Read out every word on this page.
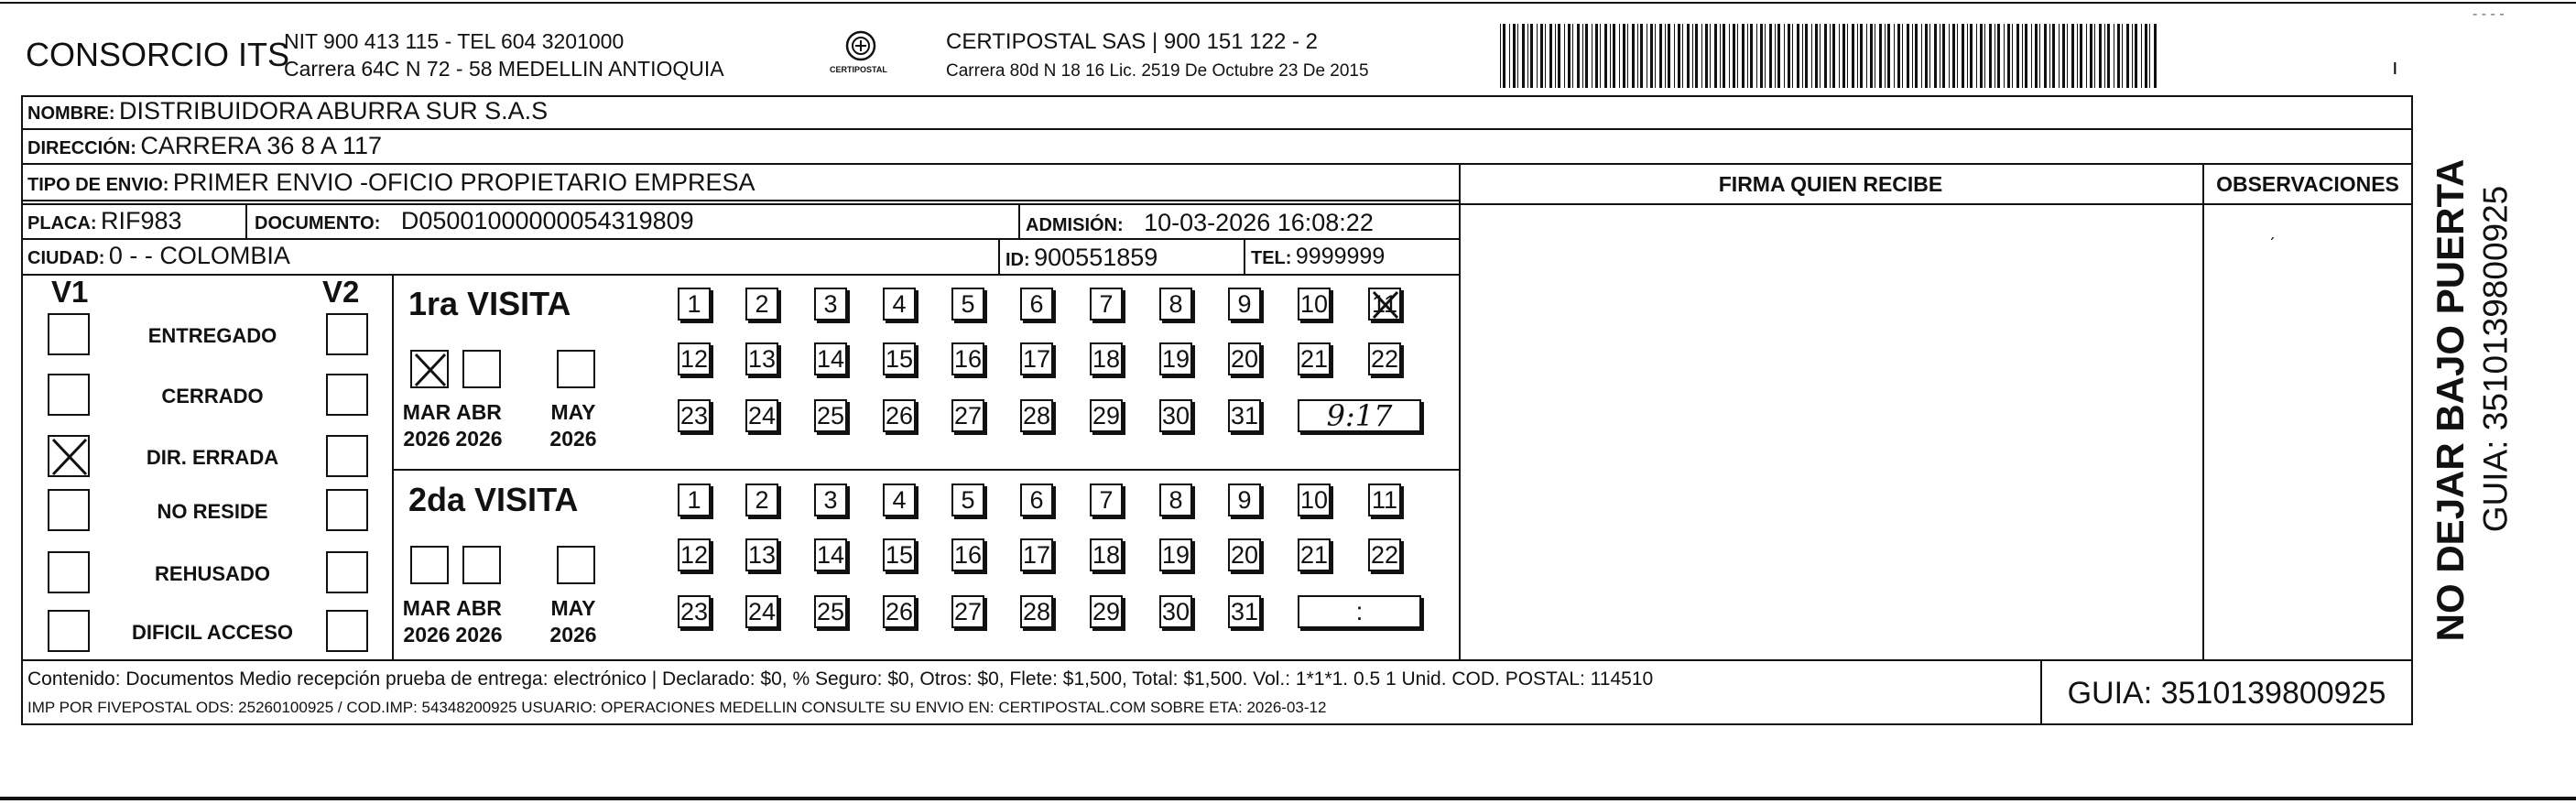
CONSORCIO ITS
NIT 900 413 115 - TEL 604 3201000
Carrera 64C N 72 - 58 MEDELLIN ANTIOQUIA	CERTIPOSTAL
CERTIPOSTAL SAS | 900 151 122 - 2
Carrera 80d N 18 16 Lic. 2519 De Octubre 23 De 2015	ı
NOMBRE: DISTRIBUIDORA ABURRA SUR S.A.S
DIRECCIÓN: CARRERA 36 8 A 117
TIPO DE ENVIO: PRIMER ENVIO -OFICIO PROPIETARIO EMPRESA
PLACA: RIF983	DOCUMENTO: D05001000000054319809	ADMISIÓN: 10-03-2026 16:08:22
CIUDAD: 0 - - COLOMBIA	ID: 900551859	TEL: 9999999
FIRMA QUIEN RECIBE	OBSERVACIONES
ˊ
V1	V2
ENTREGADO
CERRADO
DIR. ERRADA
NO RESIDE
REHUSADO
DIFICIL ACCESO
1ra VISITA
MAR
2026
ABR
2026
MAY
2026
1	2	3	4	5	6	7	8	9	10 11
12 13 14 15 16 17 18 19 20 21 22
23 24 25 26 27 28 29 30 31	9:17
2da VISITA
MAR
2026
ABR
2026
MAY
2026
1	2	3	4	5	6	7	8	9	10 11
12 13 14 15 16 17 18 19 20 21 22
23 24 25 26 27 28 29 30 31	:
Contenido: Documentos Medio recepción prueba de entrega: electrónico | Declarado: $0, % Seguro: $0, Otros: $0, Flete: $1,500, Total: $1,500. Vol.: 1*1*1. 0.5 1 Unid. COD. POSTAL: 114510
IMP POR FIVEPOSTAL ODS: 25260100925 / COD.IMP: 54348200925 USUARIO: OPERACIONES MEDELLIN CONSULTE SU ENVIO EN: CERTIPOSTAL.COM SOBRE ETA: 2026-03-12	GUIA: 3510139800925
NO DEJAR BAJO PUERTA GUIA: 3510139800925
- - - -
